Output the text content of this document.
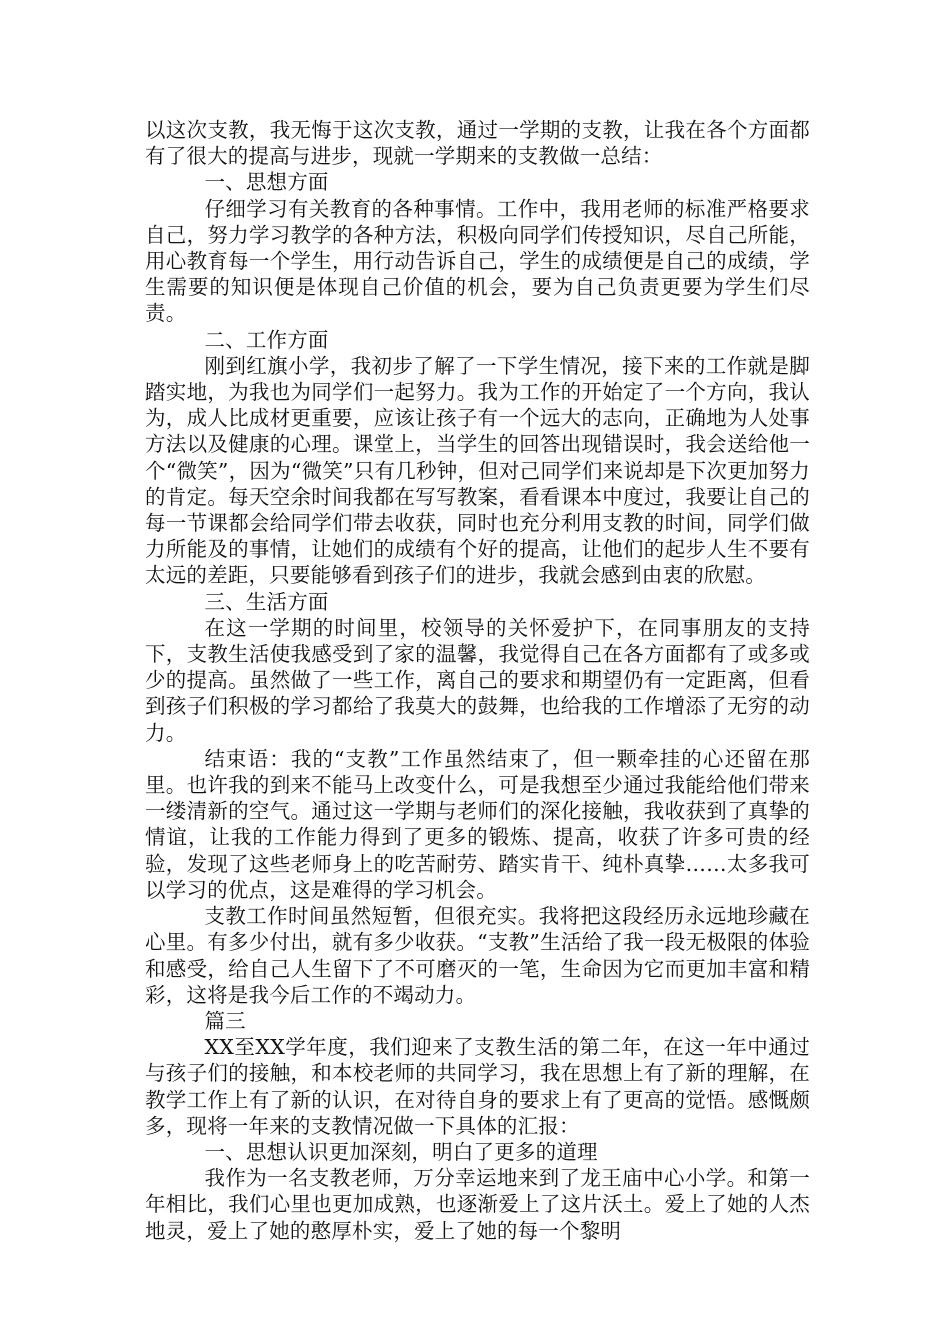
以这次支教，我无悔于这次支教，通过一学期的支教，让我在各个方面都有了很大的提高与进步，现就一学期来的支教做一总结：

一、思想方面

仔细学习有关教育的各种事情。工作中，我用老师的标准严格要求自己，努力学习教学的各种方法，积极向同学们传授知识，尽自己所能，用心教育每一个学生，用行动告诉自己，学生的成绩便是自己的成绩，学生需要的知识便是体现自己价值的机会，要为自己负责更要为学生们尽责。

二、工作方面

刚到红旗小学，我初步了解了一下学生情况，接下来的工作就是脚踏实地，为我也为同学们一起努力。我为工作的开始定了一个方向，我认为，成人比成材更重要，应该让孩子有一个远大的志向，正确地为人处事方法以及健康的心理。课堂上，当学生的回答出现错误时，我会送给他一个“微笑”，因为“微笑”只有几秒钟，但对己同学们来说却是下次更加努力的肯定。每天空余时间我都在写写教案，看看课本中度过，我要让自己的每一节课都会给同学们带去收获，同时也充分利用支教的时间，同学们做力所能及的事情，让她们的成绩有个好的提高，让他们的起步人生不要有太远的差距，只要能够看到孩子们的进步，我就会感到由衷的欣慰。

三、生活方面

在这一学期的时间里，校领导的关怀爱护下，在同事朋友的支持下，支教生活使我感受到了家的温馨，我觉得自己在各方面都有了或多或少的提高。虽然做了一些工作，离自己的要求和期望仍有一定距离，但看到孩子们积极的学习都给了我莫大的鼓舞，也给我的工作增添了无穷的动力。

结束语：我的“支教”工作虽然结束了，但一颗牵挂的心还留在那里。也许我的到来不能马上改变什么，可是我想至少通过我能给他们带来一缕清新的空气。通过这一学期与老师们的深化接触，我收获到了真挚的情谊，让我的工作能力得到了更多的锻炼、提高，收获了许多可贵的经验，发现了这些老师身上的吃苦耐劳、踏实肯干、纯朴真挚……太多我可以学习的优点，这是难得的学习机会。

支教工作时间虽然短暂，但很充实。我将把这段经历永远地珍藏在心里。有多少付出，就有多少收获。“支教”生活给了我一段无极限的体验和感受，给自己人生留下了不可磨灭的一笔，生命因为它而更加丰富和精彩，这将是我今后工作的不竭动力。

篇三

XX至XX学年度，我们迎来了支教生活的第二年，在这一年中通过与孩子们的接触，和本校老师的共同学习，我在思想上有了新的理解，在教学工作上有了新的认识，在对待自身的要求上有了更高的觉悟。感慨颇多，现将一年来的支教情况做一下具体的汇报：

一、思想认识更加深刻，明白了更多的道理

我作为一名支教老师，万分幸运地来到了龙王庙中心小学。和第一年相比，我们心里也更加成熟，也逐渐爱上了这片沃土。爱上了她的人杰地灵，爱上了她的憨厚朴实，爱上了她的每一个黎明
